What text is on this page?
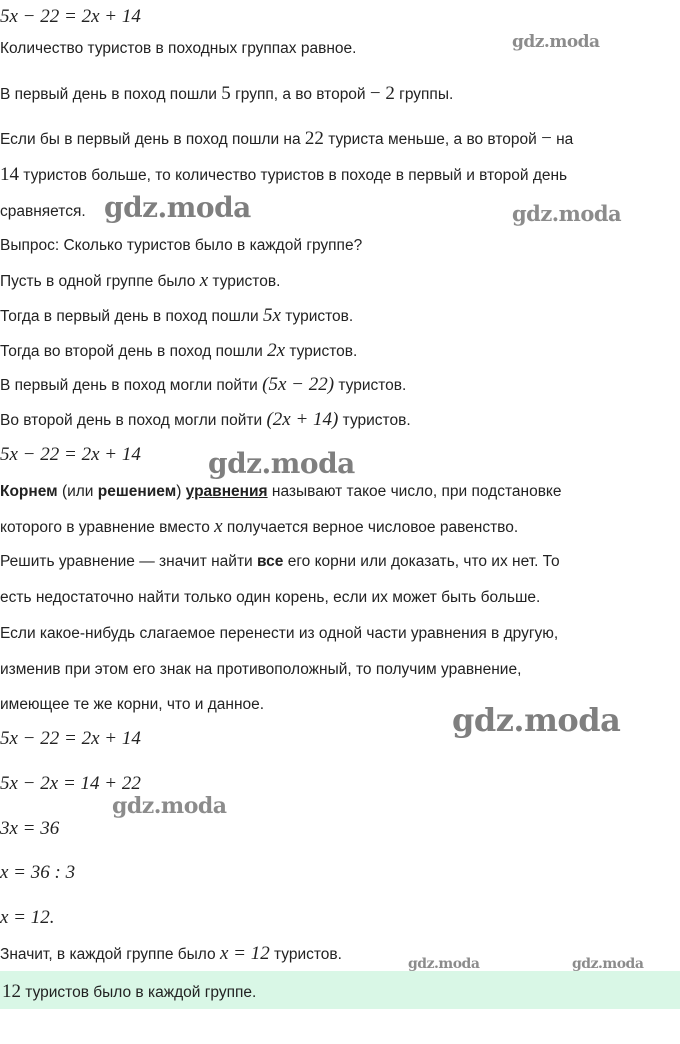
5x − 22 = 2x + 14
Количество туристов в походных группах равное.
В первый день в поход пошли 5 групп, а во второй − 2 группы.
Если бы в первый день в поход пошли на 22 туриста меньше, а во второй − на
14 туристов больше, то количество туристов в походе в первый и второй день
сравняется.
Выпрос: Сколько туристов было в каждой группе?
Пусть в одной группе было x туристов.
Тогда в первый день в поход пошли 5x туристов.
Тогда во второй день в поход пошли 2x туристов.
В первый день в поход могли пойти (5x − 22) туристов.
Во второй день в поход могли пойти (2x + 14) туристов.
5x − 22 = 2x + 14
Корнем (или решением) уравнения называют такое число, при подстановке
которого в уравнение вместо x получается верное числовое равенство.
Решить уравнение — значит найти все его корни или доказать, что их нет. То
есть недостаточно найти только один корень, если их может быть больше.
Если какое-нибудь слагаемое перенести из одной части уравнения в другую,
изменив при этом его знак на противоположный, то получим уравнение,
имеющее те же корни, что и данное.
5x − 22 = 2x + 14
5x − 2x = 14 + 22
3x = 36
x = 36 : 3
x = 12.
Значит, в каждой группе было x = 12 туристов.
12 туристов было в каждой группе.
gdz.moda
gdz.moda	gdz.moda
gdz.moda
gdz.moda
gdz.moda
gdz.moda	gdz.moda
